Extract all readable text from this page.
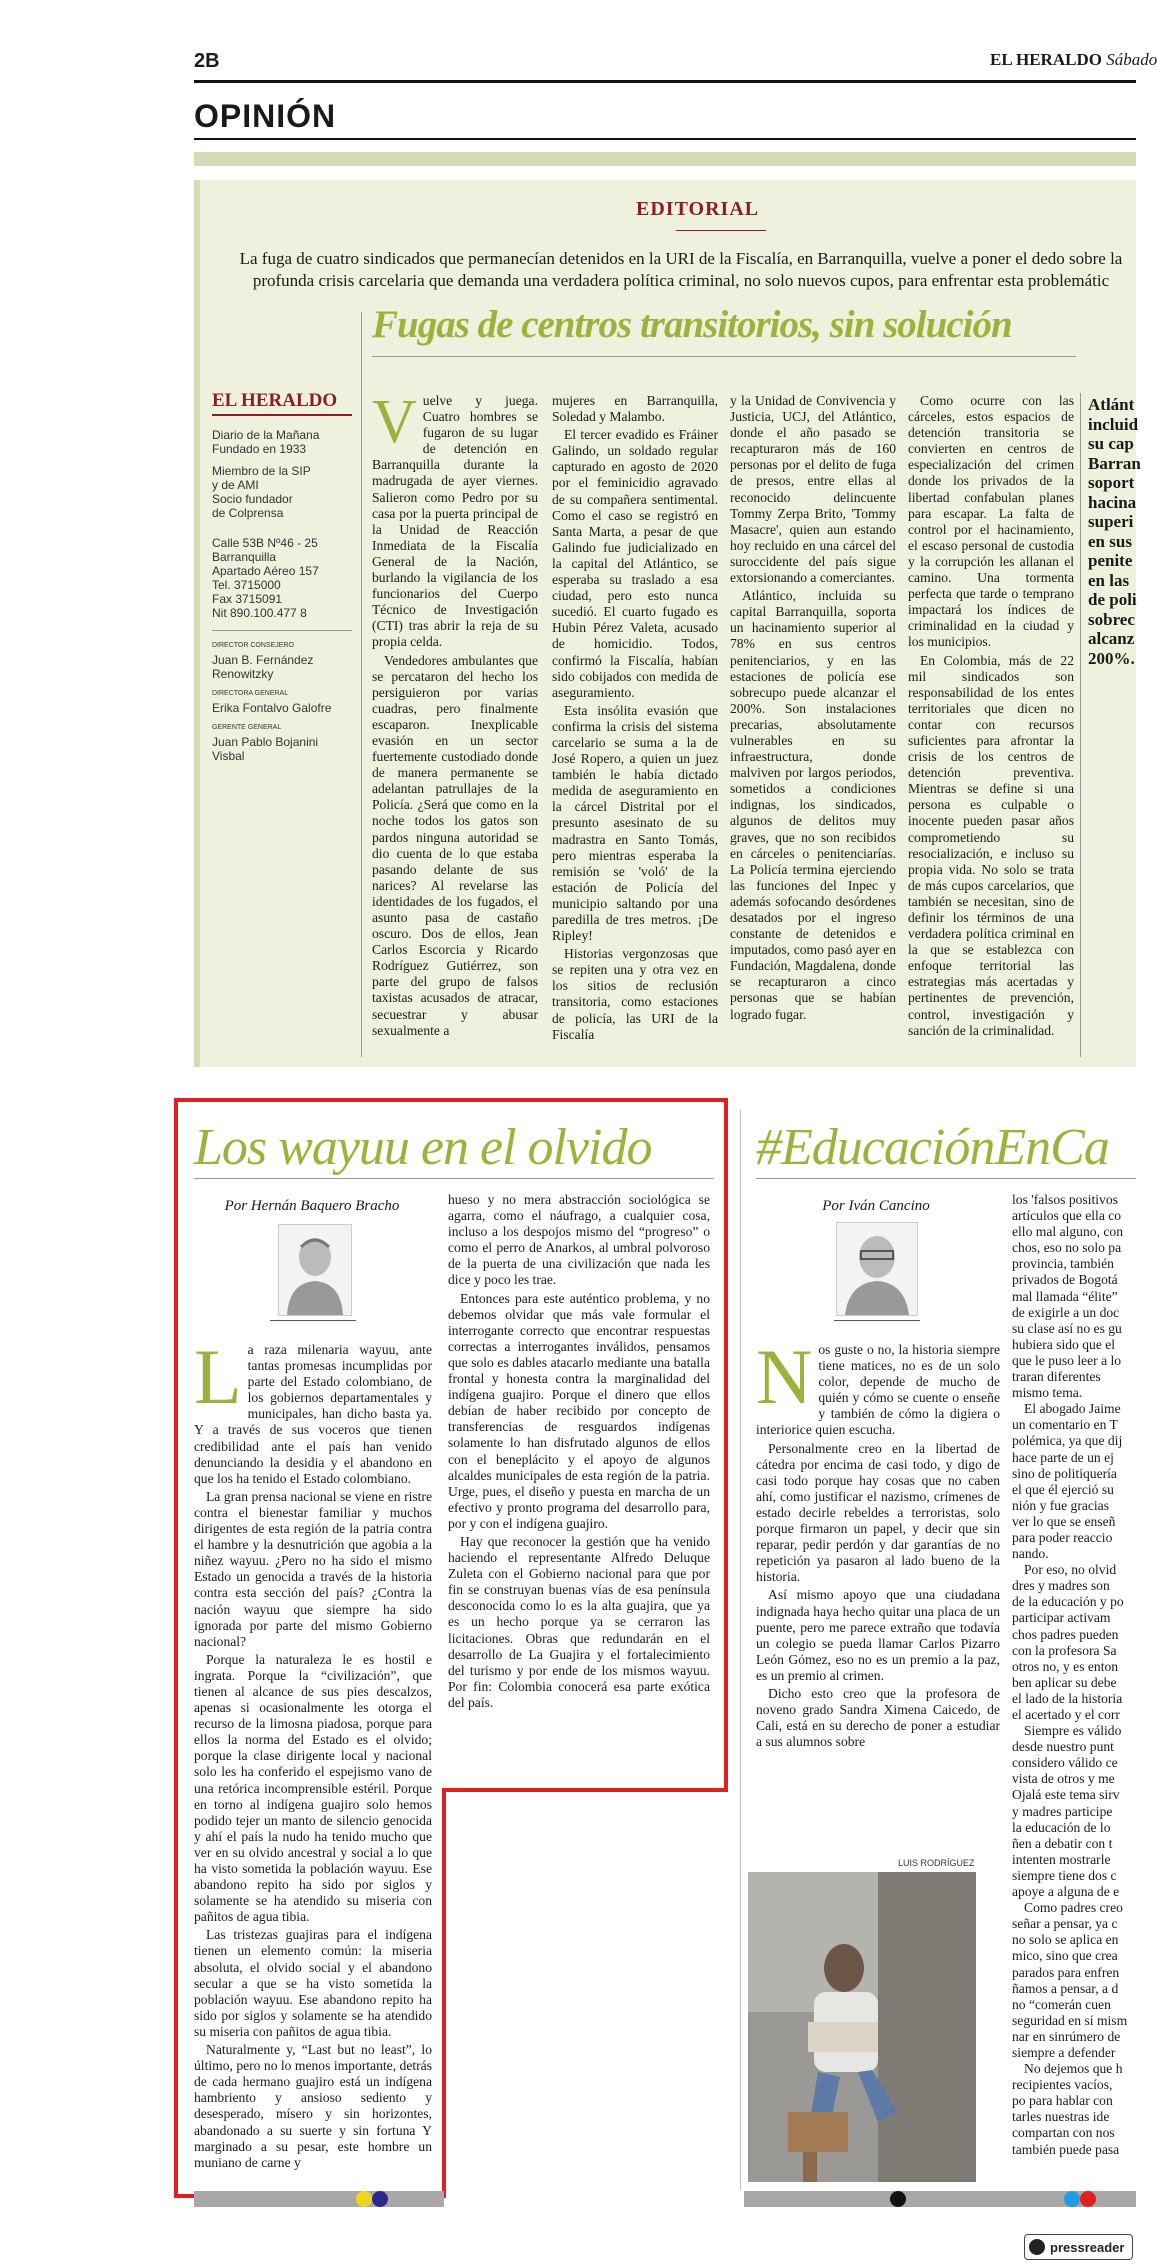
2B	EL HERALDO Sábado
OPINIÓN
EDITORIAL
La fuga de cuatro sindicados que permanecían detenidos en la URI de la Fiscalía, en Barranquilla, vuelve a poner el dedo sobre la profunda crisis carcelaria que demanda una verdadera política criminal, no solo nuevos cupos, para enfrentar esta problemátic
EL HERALDO
Diario de la Mañana
Fundado en 1933
Miembro de la SIP
y de AMI
Socio fundador
de Colprensa
Calle 53B Nº46 - 25
Barranquilla
Apartado Aéreo 157
Tel. 3715000
Fax 3715091
Nit 890.100.477 8
DIRECTOR CONSEJERO
Juan B. Fernández Renowitzky
DIRECTORA GENERAL
Erika Fontalvo Galofre
GERENTE GENERAL
Juan Pablo Bojanini Visbal
Fugas de centros transitorios, sin solución

Vuelve y juega. Cuatro hombres se fugaron de su lugar de detención en Barranquilla durante la madrugada de ayer viernes. Salieron como Pedro por su casa por la puerta principal de la Unidad de Reacción Inmediata de la Fiscalía General de la Nación, burlando la vigilancia de los funcionarios del Cuerpo Técnico de Investigación (CTI) tras abrir la reja de su propia celda.

Vendedores ambulantes que se percataron del hecho los persiguieron por varias cuadras, pero finalmente escaparon. Inexplicable evasión en un sector fuertemente custodiado donde de manera permanente se adelantan patrullajes de la Policía. ¿Será que como en la noche todos los gatos son pardos ninguna autoridad se dio cuenta de lo que estaba pasando delante de sus narices? Al revelarse las identidades de los fugados, el asunto pasa de castaño oscuro. Dos de ellos, Jean Carlos Escorcia y Ricardo Rodríguez Gutiérrez, son parte del grupo de falsos taxistas acusados de atracar, secuestrar y abusar sexualmente a

mujeres en Barranquilla, Soledad y Malambo.

El tercer evadido es Fráiner Galindo, un soldado regular capturado en agosto de 2020 por el feminicidio agravado de su compañera sentimental. Como el caso se registró en Santa Marta, a pesar de que Galindo fue judicializado en la capital del Atlántico, se esperaba su traslado a esa ciudad, pero esto nunca sucedió. El cuarto fugado es Hubin Pérez Valeta, acusado de homicidio. Todos, confirmó la Fiscalía, habían sido cobijados con medida de aseguramiento.

Esta insólita evasión que confirma la crisis del sistema carcelario se suma a la de José Ropero, a quien un juez también le había dictado medida de aseguramiento en la cárcel Distrital por el presunto asesinato de su madrastra en Santo Tomás, pero mientras esperaba la remisión se 'voló' de la estación de Policía del municipio saltando por una paredilla de tres metros. ¡De Ripley!

Historias vergonzosas que se repiten una y otra vez en los sitios de reclusión transitoria, como estaciones de policía, las URI de la Fiscalía

y la Unidad de Convivencia y Justicia, UCJ, del Atlántico, donde el año pasado se recapturaron más de 160 personas por el delito de fuga de presos, entre ellas al reconocido delincuente Tommy Zerpa Brito, 'Tommy Masacre', quien aun estando hoy recluido en una cárcel del suroccidente del país sigue extorsionando a comerciantes.

Atlántico, incluida su capital Barranquilla, soporta un hacinamiento superior al 78% en sus centros penitenciarios, y en las estaciones de policía ese sobrecupo puede alcanzar el 200%. Son instalaciones precarias, absolutamente vulnerables en su infraestructura, donde malviven por largos periodos, sometidos a condiciones indignas, los sindicados, algunos de delitos muy graves, que no son recibidos en cárceles o penitenciarías. La Policía termina ejerciendo las funciones del Inpec y además sofocando desórdenes desatados por el ingreso constante de detenidos e imputados, como pasó ayer en Fundación, Magdalena, donde se recapturaron a cinco personas que se habían logrado fugar.

Como ocurre con las cárceles, estos espacios de detención transitoria se convierten en centros de especialización del crimen donde los privados de la libertad confabulan planes para escapar. La falta de control por el hacinamiento, el escaso personal de custodia y la corrupción les allanan el camino. Una tormenta perfecta que tarde o temprano impactará los índices de criminalidad en la ciudad y los municipios.

En Colombia, más de 22 mil sindicados son responsabilidad de los entes territoriales que dicen no contar con recursos suficientes para afrontar la crisis de los centros de detención preventiva. Mientras se define si una persona es culpable o inocente pueden pasar años comprometiendo su resocialización, e incluso su propia vida. No solo se trata de más cupos carcelarios, que también se necesitan, sino de definir los términos de una verdadera política criminal en la que se establezca con enfoque territorial las estrategias más acertadas y pertinentes de prevención, control, investigación y sanción de la criminalidad.

Atlánt
incluid
su cap
Barran
soport
hacina
superi
en sus
penite
en las
de poli
sobrec
alcanz
200%.
Los wayuu en el olvido
Por Hernán Baquero Bracho

La raza milenaria wayuu, ante tantas promesas incumplidas por parte del Estado colombiano, de los gobiernos departamentales y municipales, han dicho basta ya. Y a través de sus voceros que tienen credibilidad ante el país han venido denunciando la desidia y el abandono en que los ha tenido el Estado colombiano.

La gran prensa nacional se viene en ristre contra el bienestar familiar y muchos dirigentes de esta región de la patria contra el hambre y la desnutrición que agobia a la niñez wayuu. ¿Pero no ha sido el mismo Estado un genocida a través de la historia contra esta sección del país? ¿Contra la nación wayuu que siempre ha sido ignorada por parte del mismo Gobierno nacional?

Porque la naturaleza le es hostil e ingrata. Porque la “civilización”, que tienen al alcance de sus pies descalzos, apenas si ocasionalmente les otorga el recurso de la limosna piadosa, porque para ellos la norma del Estado es el olvido; porque la clase dirigente local y nacional solo les ha conferido el espejismo vano de una retórica incomprensible estéril. Porque en torno al indígena guajiro solo hemos podido tejer un manto de silencio genocida y ahí el país la nudo ha tenido mucho que ver en su olvido ancestral y social a lo que ha visto sometida la población wayuu. Ese abandono repito ha sido por siglos y solamente se ha atendido su miseria con pañitos de agua tibia.

Las tristezas guajiras para el indígena tienen un elemento común: la miseria absoluta, el olvido social y el abandono secular a que se ha visto sometida la población wayuu. Ese abandono repito ha sido por siglos y solamente se ha atendido su miseria con pañitos de agua tibia.

Naturalmente y, “Last but no least”, lo último, pero no lo menos importante, detrás de cada hermano guajiro está un indígena hambriento y ansioso sediento y desesperado, mísero y sin horizontes, abandonado a su suerte y sin fortuna Y marginado a su pesar, este hombre un muniano de carne y

hueso y no mera abstracción sociológica se agarra, como el náufrago, a cualquier cosa, incluso a los despojos mismo del “progreso” o como el perro de Anarkos, al umbral polvoroso de la puerta de una civilización que nada les dice y poco les trae.

Entonces para este auténtico problema, y no debemos olvidar que más vale formular el interrogante correcto que encontrar respuestas correctas a interrogantes inválidos, pensamos que solo es dables atacarlo mediante una batalla frontal y honesta contra la marginalidad del indígena guajiro. Porque el dinero que ellos debían de haber recibido por concepto de transferencias de resguardos indígenas solamente lo han disfrutado algunos de ellos con el beneplácito y el apoyo de algunos alcaldes municipales de esta región de la patria. Urge, pues, el diseño y puesta en marcha de un efectivo y pronto programa del desarrollo para, por y con el indígena guajiro.

Hay que reconocer la gestión que ha venido haciendo el representante Alfredo Deluque Zuleta con el Gobierno nacional para que por fin se construyan buenas vías de esa península desconocida como lo es la alta guajira, que ya es un hecho porque ya se cerraron las licitaciones. Obras que redundarán en el desarrollo de La Guajira y el fortalecimiento del turismo y por ende de los mismos wayuu. Por fin: Colombia conocerá esa parte exótica del país.

#EducaciónEnCa
Por Iván Cancino

Nos guste o no, la historia siempre tiene matices, no es de un solo color, depende de mucho de quién y cómo se cuente o enseñe y también de cómo la digiera o interiorice quien escucha.

Personalmente creo en la libertad de cátedra por encima de casi todo, y digo de casi todo porque hay cosas que no caben ahí, como justificar el nazismo, crímenes de estado decirle rebeldes a terroristas, solo porque firmaron un papel, y decir que sin reparar, pedir perdón y dar garantías de no repetición ya pasaron al lado bueno de la historia.

Así mismo apoyo que una ciudadana indignada haya hecho quitar una placa de un puente, pero me parece extraño que todavía un colegio se pueda llamar Carlos Pizarro León Gómez, eso no es un premio a la paz, es un premio al crimen.

Dicho esto creo que la profesora de noveno grado Sandra Ximena Caicedo, de Cali, está en su derecho de poner a estudiar a sus alumnos sobre

LUIS RODRÍGUEZ
los 'falsos positivos
artículos que ella co
ello mal alguno, con
chos, eso no solo pa
provincia, también
privados de Bogotá
mal llamada “élite”
de exigirle a un doc
su clase así no es gu
hubiera sido que el
que le puso leer a lo
traran diferentes
mismo tema.
El abogado Jaime
un comentario en T
polémica, ya que dij
hace parte de un ej
sino de politiquería
el que él ejerció su
nión y fue gracias
ver lo que se enseñ
para poder reaccio
nando.
Por eso, no olvid
dres y madres son
de la educación y po
participar activam
chos padres pueden
con la profesora Sa
otros no, y es enton
ben aplicar su debe
el lado de la historia
el acertado y el corr
Siempre es válido
desde nuestro punt
considero válido ce
vista de otros y me
Ojalá este tema sirv
y madres participe
la educación de lo
ñen a debatir con t
intenten mostrarle
siempre tiene dos c
apoye a alguna de e
Como padres creo
señar a pensar, ya c
no solo se aplica en
mico, sino que crea
parados para enfren
ñamos a pensar, a d
no “comerán cuen
seguridad en sí mism
nar en sinrúmero de
siempre a defender
No dejemos que h
recipientes vacíos,
po para hablar con
tarles nuestras ide
compartan con nos
también puede pasa
pressreader
